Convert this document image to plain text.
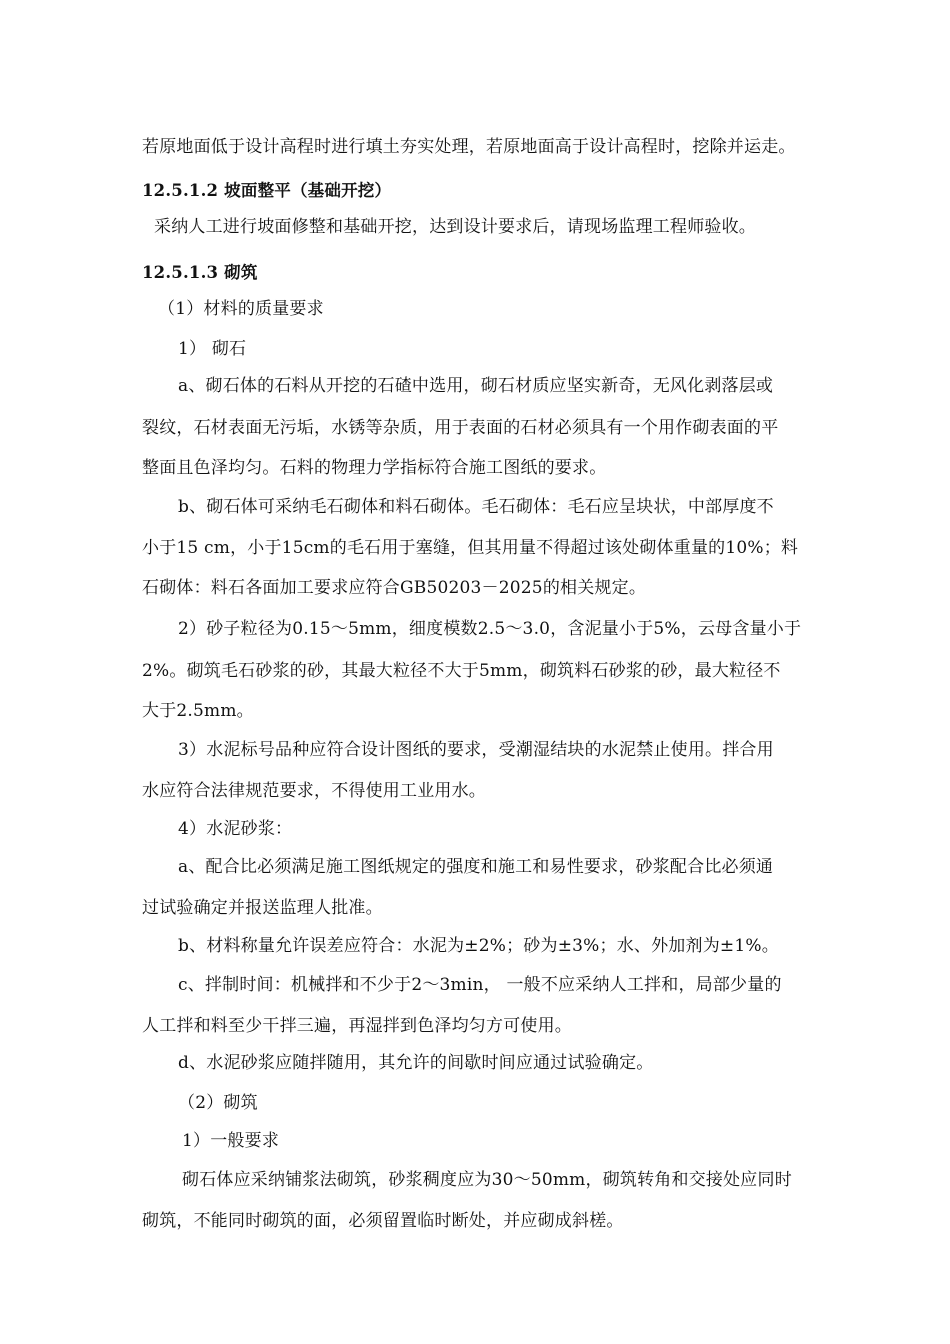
若原地面低于设计高程时进行填土夯实处理，若原地面高于设计高程时，挖除并运走。
12.5.1.2 坡面整平（基础开挖）
采纳人工进行坡面修整和基础开挖，达到设计要求后，请现场监理工程师验收。
12.5.1.3 砌筑
（1）材料的质量要求
1） 砌石
a、砌石体的石料从开挖的石碴中选用，砌石材质应坚实新奇，无风化剥落层或
裂纹，石材表面无污垢，水锈等杂质，用于表面的石材必须具有一个用作砌表面的平
整面且色泽均匀。石料的物理力学指标符合施工图纸的要求。
b、砌石体可采纳毛石砌体和料石砌体。毛石砌体：毛石应呈块状，中部厚度不
小于15 cm，小于15cm的毛石用于塞缝，但其用量不得超过该处砌体重量的10%；料
石砌体：料石各面加工要求应符合GB50203－2025的相关规定。
2）砂子粒径为0.15～5mm，细度模数2.5～3.0，含泥量小于5%，云母含量小于
2%。砌筑毛石砂浆的砂，其最大粒径不大于5mm，砌筑料石砂浆的砂，最大粒径不
大于2.5mm。
3）水泥标号品种应符合设计图纸的要求，受潮湿结块的水泥禁止使用。拌合用
水应符合法律规范要求，不得使用工业用水。
4）水泥砂浆：
a、配合比必须满足施工图纸规定的强度和施工和易性要求，砂浆配合比必须通
过试验确定并报送监理人批准。
b、材料称量允许误差应符合：水泥为±2%；砂为±3%；水、外加剂为±1%。
c、拌制时间：机械拌和不少于2～3min， 一般不应采纳人工拌和，局部少量的
人工拌和料至少干拌三遍，再湿拌到色泽均匀方可使用。
d、水泥砂浆应随拌随用，其允许的间歇时间应通过试验确定。
（2）砌筑
1）一般要求
砌石体应采纳铺浆法砌筑，砂浆稠度应为30～50mm，砌筑转角和交接处应同时
砌筑，不能同时砌筑的面，必须留置临时断处，并应砌成斜槎。
